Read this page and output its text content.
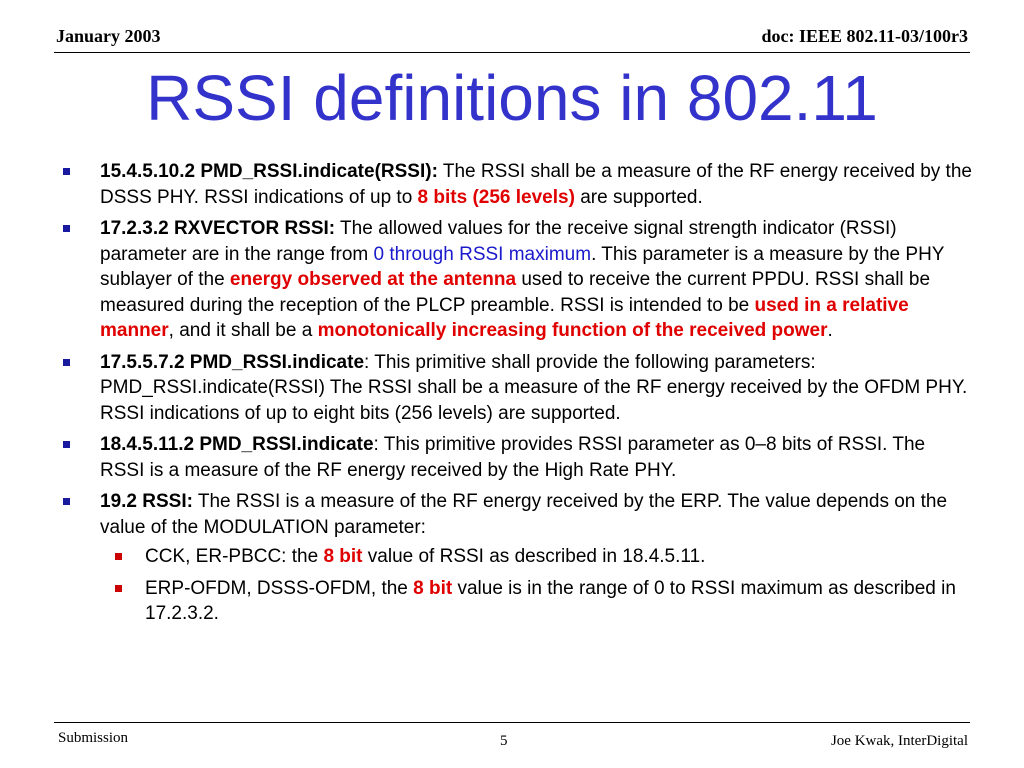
January 2003	doc: IEEE 802.11-03/100r3
RSSI definitions in 802.11
15.4.5.10.2 PMD_RSSI.indicate(RSSI): The RSSI shall be a measure of the RF energy received by the DSSS PHY. RSSI indications of up to 8 bits (256 levels) are supported.
17.2.3.2 RXVECTOR RSSI: The allowed values for the receive signal strength indicator (RSSI) parameter are in the range from 0 through RSSI maximum. This parameter is a measure by the PHY sublayer of the energy observed at the antenna used to receive the current PPDU. RSSI shall be measured during the reception of the PLCP preamble. RSSI is intended to be used in a relative manner, and it shall be a monotonically increasing function of the received power.
17.5.5.7.2 PMD_RSSI.indicate: This primitive shall provide the following parameters: PMD_RSSI.indicate(RSSI) The RSSI shall be a measure of the RF energy received by the OFDM PHY. RSSI indications of up to eight bits (256 levels) are supported.
18.4.5.11.2 PMD_RSSI.indicate: This primitive provides RSSI parameter as 0–8 bits of RSSI. The RSSI is a measure of the RF energy received by the High Rate PHY.
19.2 RSSI: The RSSI is a measure of the RF energy received by the ERP. The value depends on the value of the MODULATION parameter:
CCK, ER-PBCC: the 8 bit value of RSSI as described in 18.4.5.11.
ERP-OFDM, DSSS-OFDM, the 8 bit value is in the range of 0 to RSSI maximum as described in 17.2.3.2.
Submission	5	Joe Kwak, InterDigital
